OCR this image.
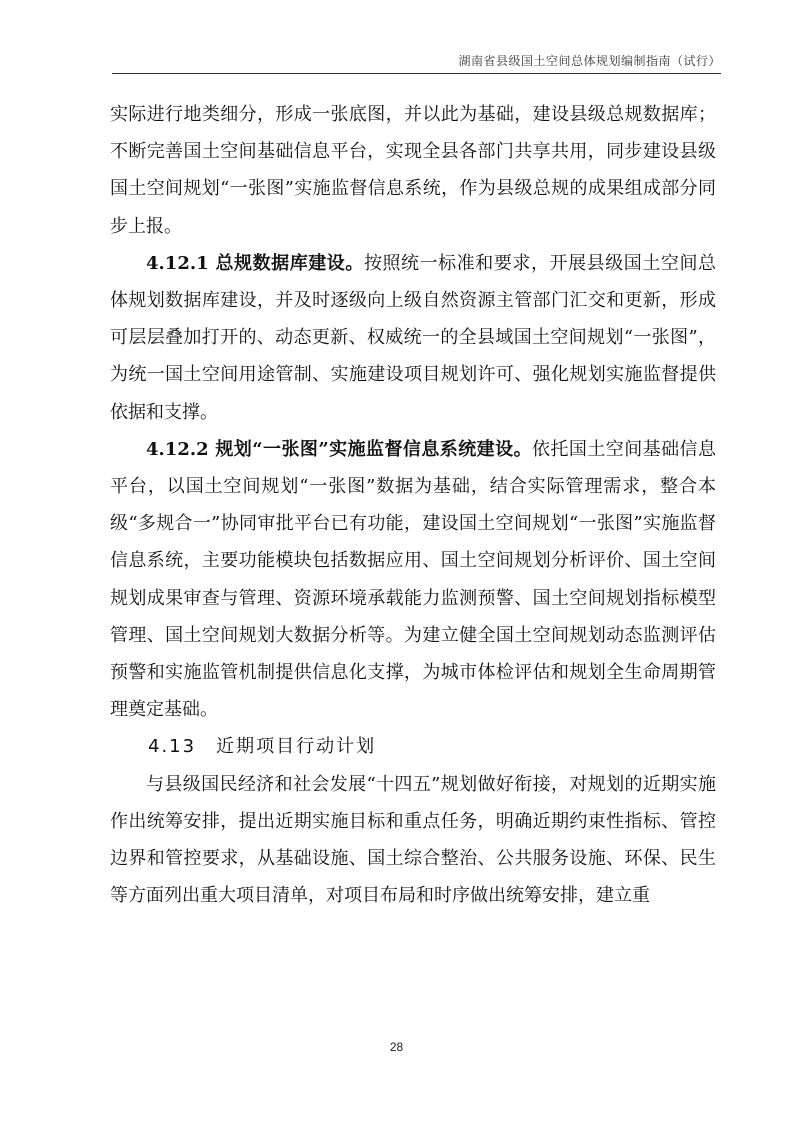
湖南省县级国土空间总体规划编制指南（试行）

实际进行地类细分，形成一张底图，并以此为基础，建设县级总规数据库；不断完善国土空间基础信息平台，实现全县各部门共享共用，同步建设县级国土空间规划“一张图”实施监督信息系统，作为县级总规的成果组成部分同步上报。

4.12.1 总规数据库建设。按照统一标准和要求，开展县级国土空间总体规划数据库建设，并及时逐级向上级自然资源主管部门汇交和更新，形成可层层叠加打开的、动态更新、权威统一的全县域国土空间规划“一张图”，为统一国土空间用途管制、实施建设项目规划许可、强化规划实施监督提供依据和支撑。

4.12.2 规划“一张图”实施监督信息系统建设。依托国土空间基础信息平台，以国土空间规划“一张图”数据为基础，结合实际管理需求，整合本级“多规合一”协同审批平台已有功能，建设国土空间规划“一张图”实施监督信息系统，主要功能模块包括数据应用、国土空间规划分析评价、国土空间规划成果审查与管理、资源环境承载能力监测预警、国土空间规划指标模型管理、国土空间规划大数据分析等。为建立健全国土空间规划动态监测评估预警和实施监管机制提供信息化支撑，为城市体检评估和规划全生命周期管理奠定基础。

4.13　近期项目行动计划

与县级国民经济和社会发展“十四五”规划做好衔接，对规划的近期实施作出统筹安排，提出近期实施目标和重点任务，明确近期约束性指标、管控边界和管控要求，从基础设施、国土综合整治、公共服务设施、环保、民生等方面列出重大项目清单，对项目布局和时序做出统筹安排，建立重

28
